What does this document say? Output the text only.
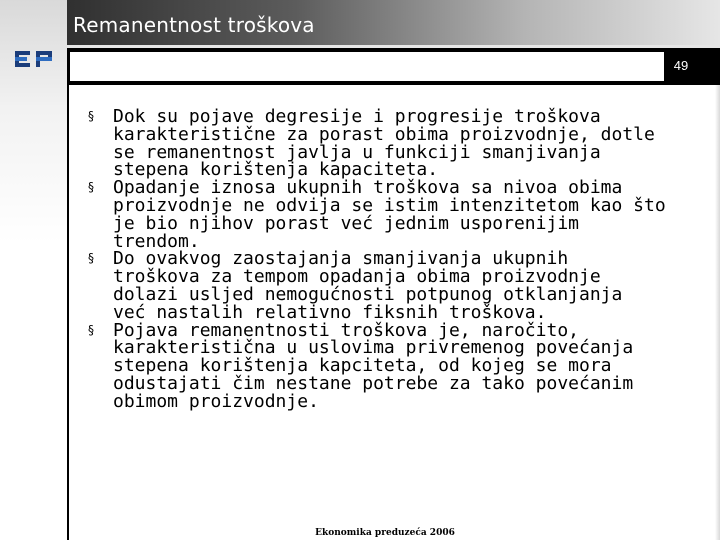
Remanentnost troškova
49
§ Dok su pojave degresije i progresije troškova
karakteristične za porast obima proizvodnje, dotle
se remanentnost javlja u funkciji smanjivanja
stepena korištenja kapaciteta.
§ Opadanje iznosa ukupnih troškova sa nivoa obima
proizvodnje ne odvija se istim intenzitetom kao što
je bio njihov porast već jednim usporenijim
trendom.
§ Do ovakvog zaostajanja smanjivanja ukupnih
troškova za tempom opadanja obima proizvodnje
dolazi usljed nemogućnosti potpunog otklanjanja
već nastalih relativno fiksnih troškova.
§ Pojava remanentnosti troškova je, naročito,
karakteristična u uslovima privremenog povećanja
stepena korištenja kapciteta, od kojeg se mora
odustajati čim nestane potrebe za tako povećanim
obimom proizvodnje.
Ekonomika preduzeća 2006
